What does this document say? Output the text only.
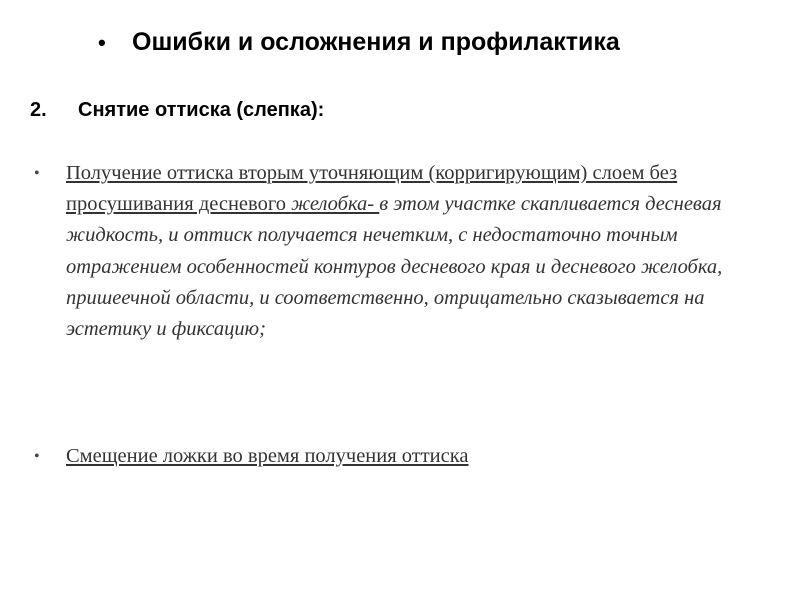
•	Ошибки и осложнения и профилактика
2.	Снятие оттиска (слепка):
•	Получение оттиска вторым уточняющим (корригирующим) слоем без просушивания десневого желобка- в этом участке скапливается десневая жидкость, и оттиск получается нечетким, с недостаточно точным отражением особенностей контуров десневого края и десневого желобка, пришеечной области, и соответственно, отрицательно сказывается на эстетику и фиксацию;
•	Смещение ложки во время получения оттиска
